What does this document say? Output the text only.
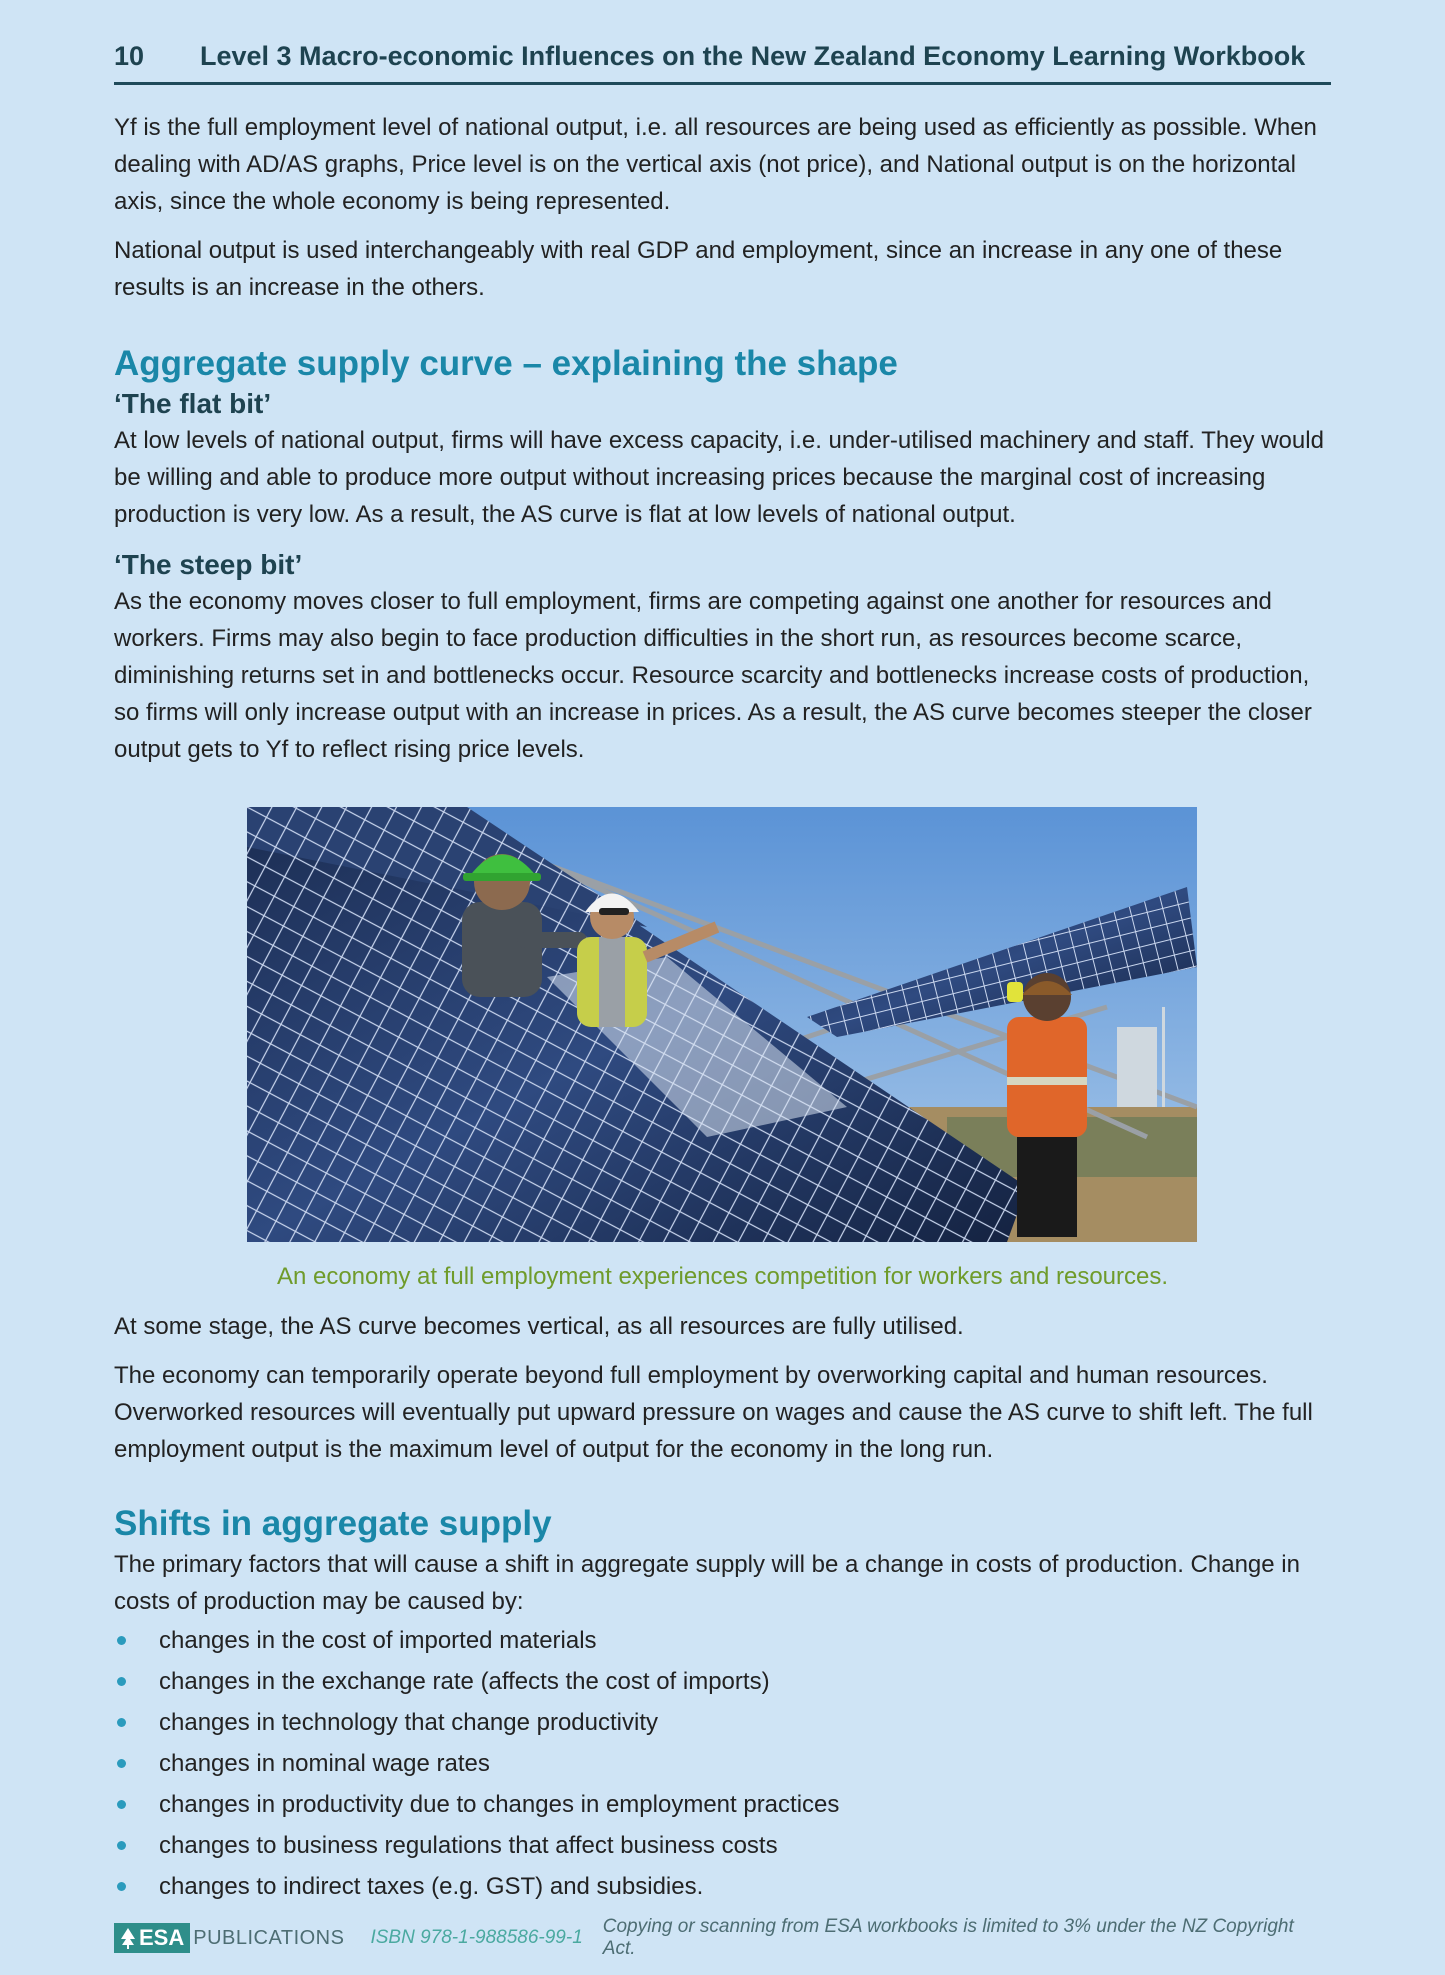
10	Level 3 Macro-economic Influences on the New Zealand Economy Learning Workbook

Yf is the full employment level of national output, i.e. all resources are being used as efficiently as possible. When dealing with AD/AS graphs, Price level is on the vertical axis (not price), and National output is on the horizontal axis, since the whole economy is being represented.

National output is used interchangeably with real GDP and employment, since an increase in any one of these results is an increase in the others.

Aggregate supply curve – explaining the shape
‘The flat bit’

At low levels of national output, firms will have excess capacity, i.e. under-utilised machinery and staff. They would be willing and able to produce more output without increasing prices because the marginal cost of increasing production is very low. As a result, the AS curve is flat at low levels of national output.

‘The steep bit’

As the economy moves closer to full employment, firms are competing against one another for resources and workers. Firms may also begin to face production difficulties in the short run, as resources become scarce, diminishing returns set in and bottlenecks occur. Resource scarcity and bottlenecks increase costs of production, so firms will only increase output with an increase in prices. As a result, the AS curve becomes steeper the closer output gets to Yf to reflect rising price levels.

An economy at full employment experiences competition for workers and resources.

At some stage, the AS curve becomes vertical, as all resources are fully utilised.

The economy can temporarily operate beyond full employment by overworking capital and human resources. Overworked resources will eventually put upward pressure on wages and cause the AS curve to shift left. The full employment output is the maximum level of output for the economy in the long run.

Shifts in aggregate supply

The primary factors that will cause a shift in aggregate supply will be a change in costs of production. Change in costs of production may be caused by:

changes in the cost of imported materials
changes in the exchange rate (affects the cost of imports)
changes in technology that change productivity
changes in nominal wage rates
changes in productivity due to changes in employment practices
changes to business regulations that affect business costs
changes to indirect taxes (e.g. GST) and subsidies.
ESA PUBLICATIONS ISBN 978-1-988586-99-1
Copying or scanning from ESA workbooks is limited to 3% under the NZ Copyright Act.
